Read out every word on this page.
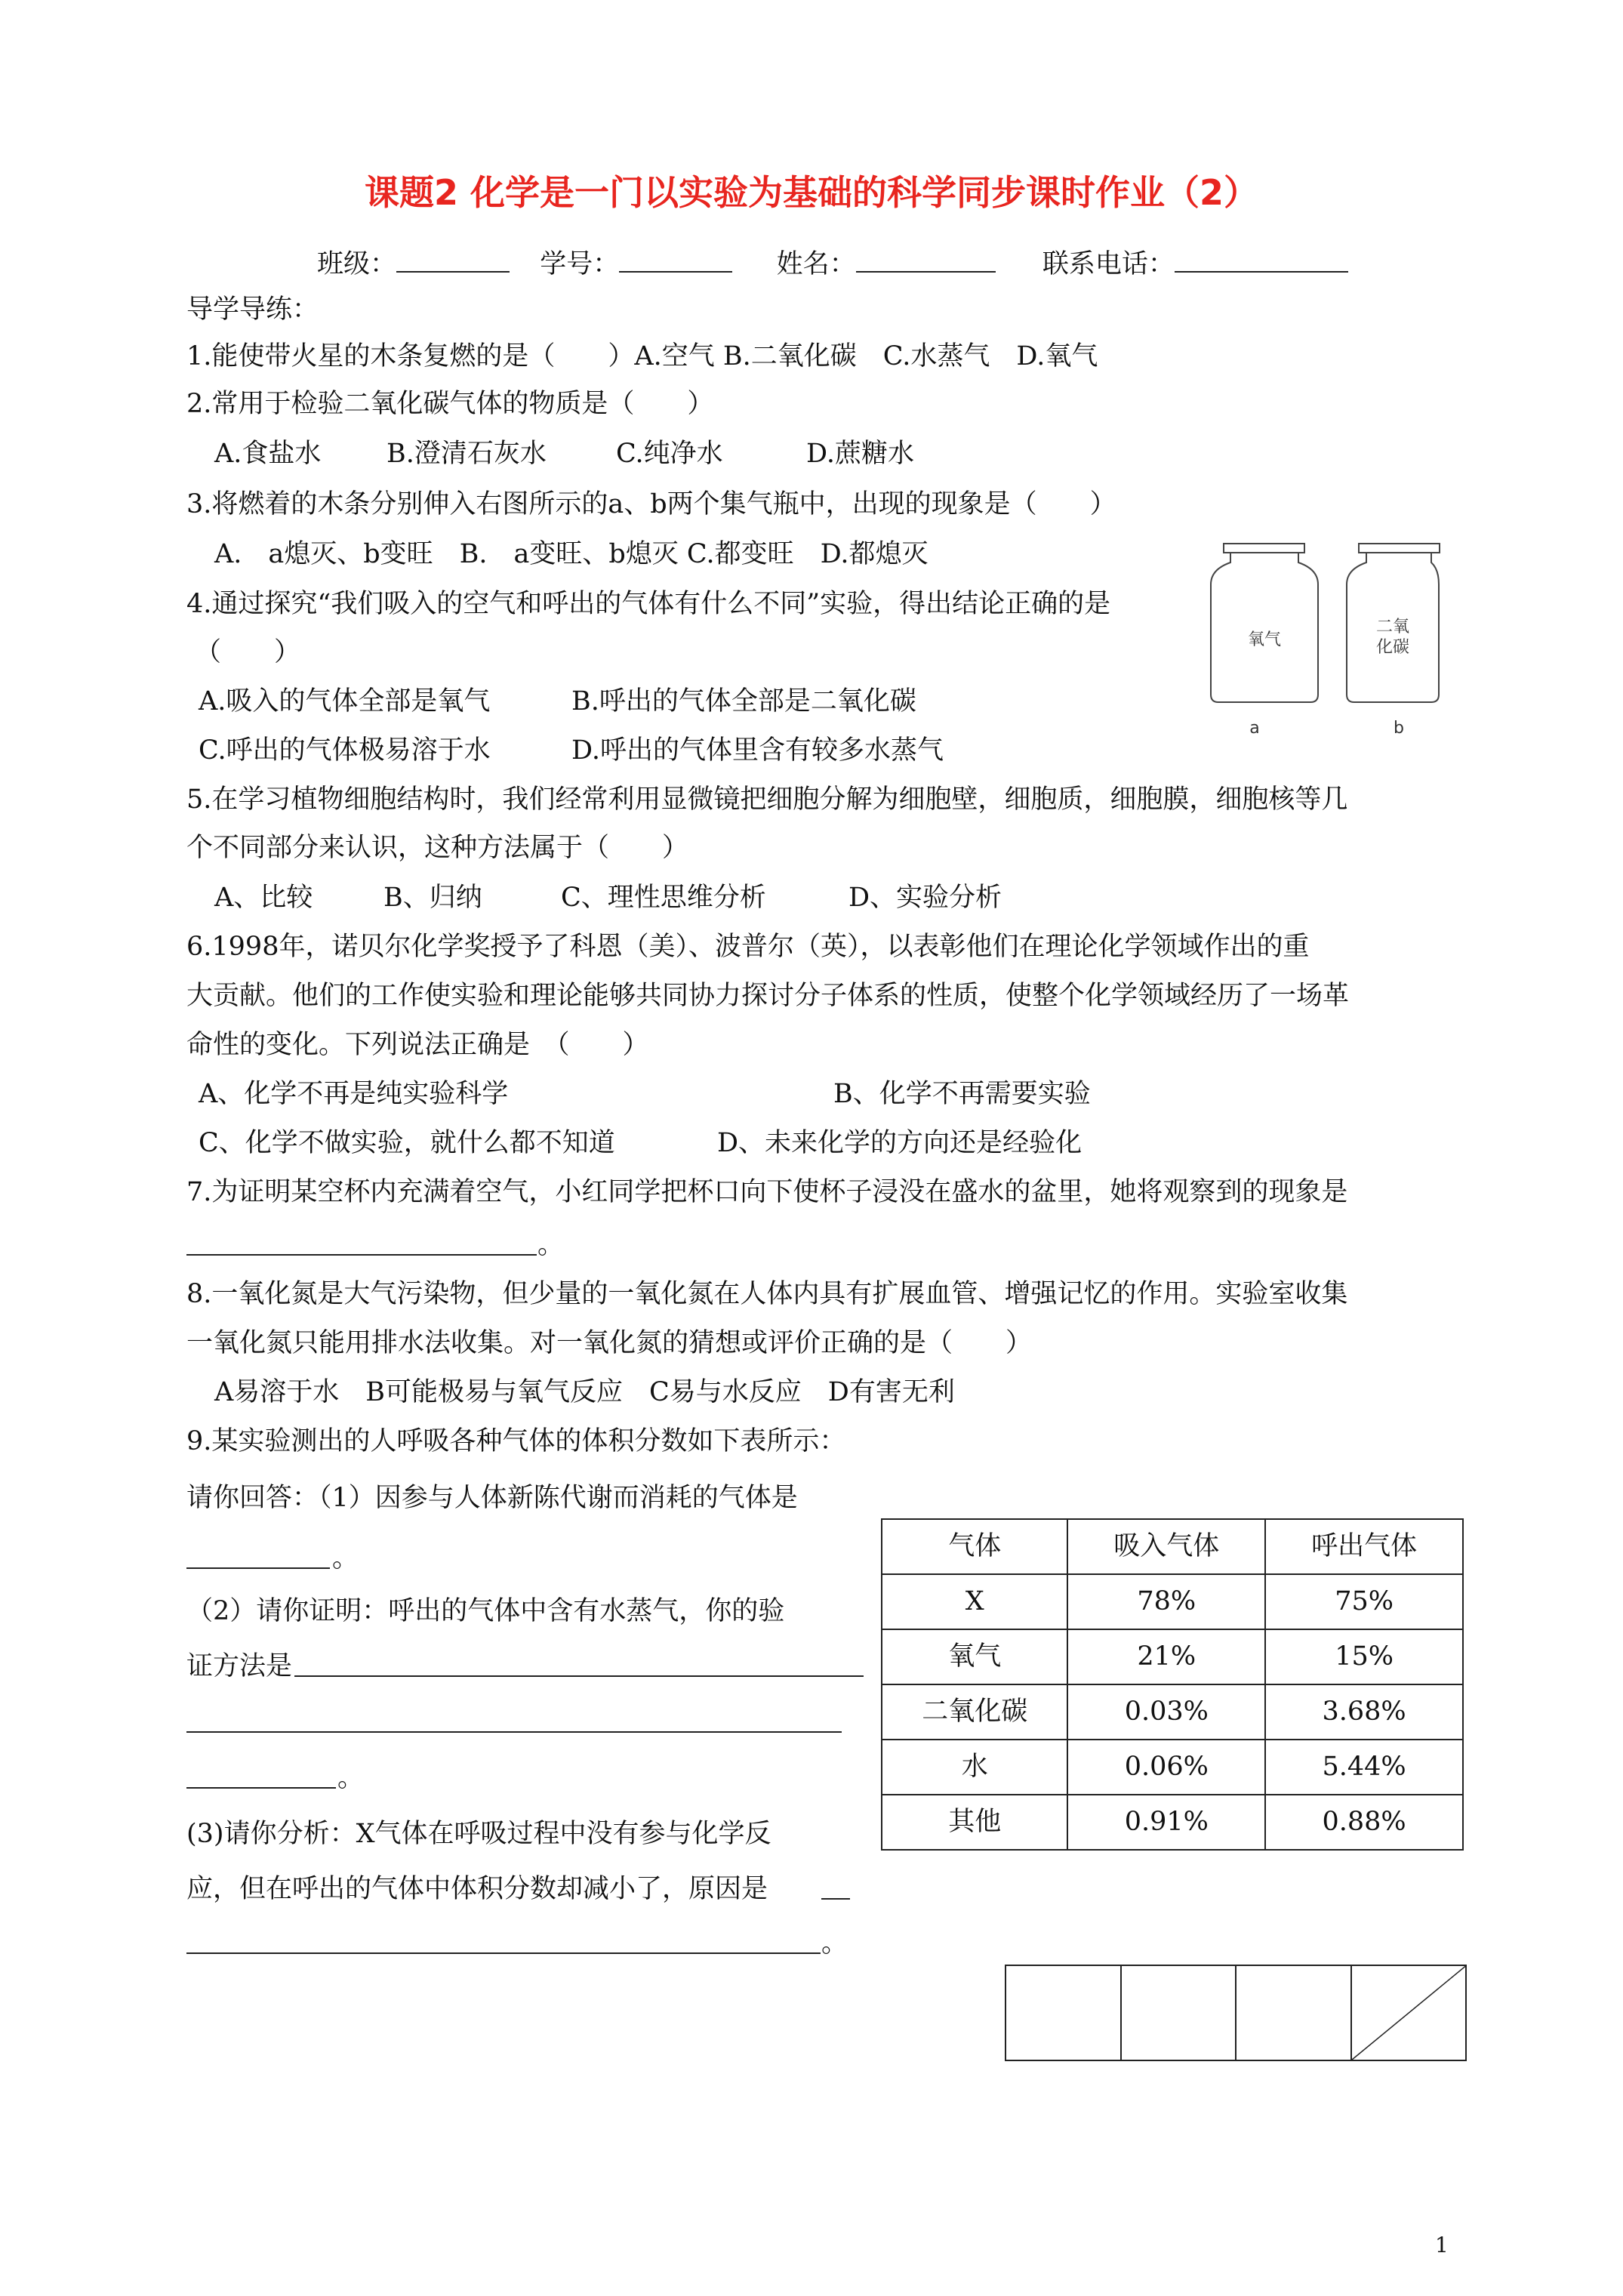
课题2 化学是一门以实验为基础的科学同步课时作业（2）
班级：	学号：	姓名：	联系电话：
导学导练：
1.能使带火星的木条复燃的是（　　）A.空气 B.二氧化碳　C.水蒸气　D.氧气
2.常用于检验二氧化碳气体的物质是（　　）
A.食盐水 B.澄清石灰水	C.纯净水	D.蔗糖水
3.将燃着的木条分别伸入右图所示的a、b两个集气瓶中，出现的现象是（　　）
A.　a熄灭、b变旺　B.　a变旺、b熄灭 C.都变旺　D.都熄灭
氧气
二氧
化碳
a	b
4.通过探究“我们吸入的空气和呼出的气体有什么不同”实验，得出结论正确的是
（　　）
A.吸入的气体全部是氧气	B.呼出的气体全部是二氧化碳
C.呼出的气体极易溶于水	D.呼出的气体里含有较多水蒸气
5.在学习植物细胞结构时，我们经常利用显微镜把细胞分解为细胞壁，细胞质，细胞膜，细胞核等几
个不同部分来认识，这种方法属于（　　）
A、比较	B、归纳	C、理性思维分析	D、实验分析
6.1998年，诺贝尔化学奖授予了科恩（美）、波普尔（英），以表彰他们在理论化学领域作出的重
大贡献。他们的工作使实验和理论能够共同协力探讨分子体系的性质，使整个化学领域经历了一场革
命性的变化。下列说法正确是　（　　）
A、化学不再是纯实验科学	B、化学不再需要实验
C、化学不做实验，就什么都不知道	D、未来化学的方向还是经验化
7.为证明某空杯内充满着空气，小红同学把杯口向下使杯子浸没在盛水的盆里，她将观察到的现象是
。
8.一氧化氮是大气污染物，但少量的一氧化氮在人体内具有扩展血管、增强记忆的作用。实验室收集
一氧化氮只能用排水法收集。对一氧化氮的猜想或评价正确的是（　　）
A易溶于水　B可能极易与氧气反应　C易与水反应　D有害无利
9.某实验测出的人呼吸各种气体的体积分数如下表所示：
请你回答：（1）因参与人体新陈代谢而消耗的气体是
。
（2）请你证明：呼出的气体中含有水蒸气，你的验
证方法是
。
(3)请你分析：X气体在呼吸过程中没有参与化学反
应，但在呼出的气体中体积分数却减小了，原因是
。
气体	吸入气体	呼出气体
X	78%	75%
氧气	21%	15%
二氧化碳	0.03%	3.68%
水	0.06%	5.44%
其他	0.91%	0.88%

1
